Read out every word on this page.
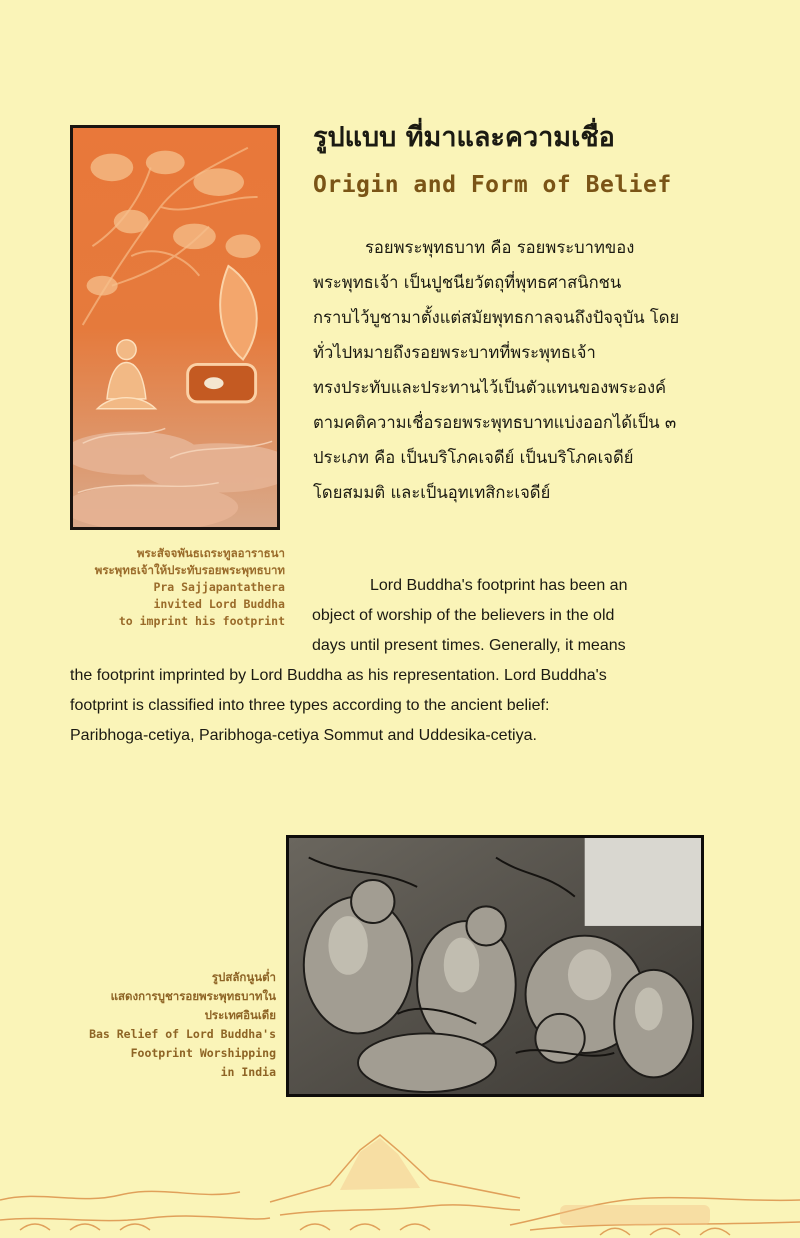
พระสัจจพันธเถระทูลอาราธนา
พระพุทธเจ้าให้ประทับรอยพระพุทธบาท
Pra Sajjapantathera
invited Lord Buddha
to imprint his footprint
รูปแบบ ที่มาและความเชื่อ
Origin and Form of Belief
รอยพระพุทธบาท คือ รอยพระบาทของ
พระพุทธเจ้า เป็นปูชนียวัตถุที่พุทธศาสนิกชน
กราบไว้บูชามาตั้งแต่สมัยพุทธกาลจนถึงปัจจุบัน โดย
ทั่วไปหมายถึงรอยพระบาทที่พระพุทธเจ้า
ทรงประทับและประทานไว้เป็นตัวแทนของพระองค์
ตามคติความเชื่อรอยพระพุทธบาทแบ่งออกได้เป็น ๓
ประเภท คือ เป็นบริโภคเจดีย์ เป็นบริโภคเจดีย์
โดยสมมติ และเป็นอุทเทสิกะเจดีย์
Lord Buddha's footprint has been an
object of worship of the believers in the old
days until present times. Generally, it means
the footprint imprinted by Lord Buddha as his representation. Lord Buddha's
footprint is classified into three types according to the ancient belief:
Paribhoga-cetiya, Paribhoga-cetiya Sommut and Uddesika-cetiya.
รูปสลักนูนต่ำ
แสดงการบูชารอยพระพุทธบาทใน
ประเทศอินเดีย
Bas Relief of Lord Buddha's
Footprint Worshipping
in India
